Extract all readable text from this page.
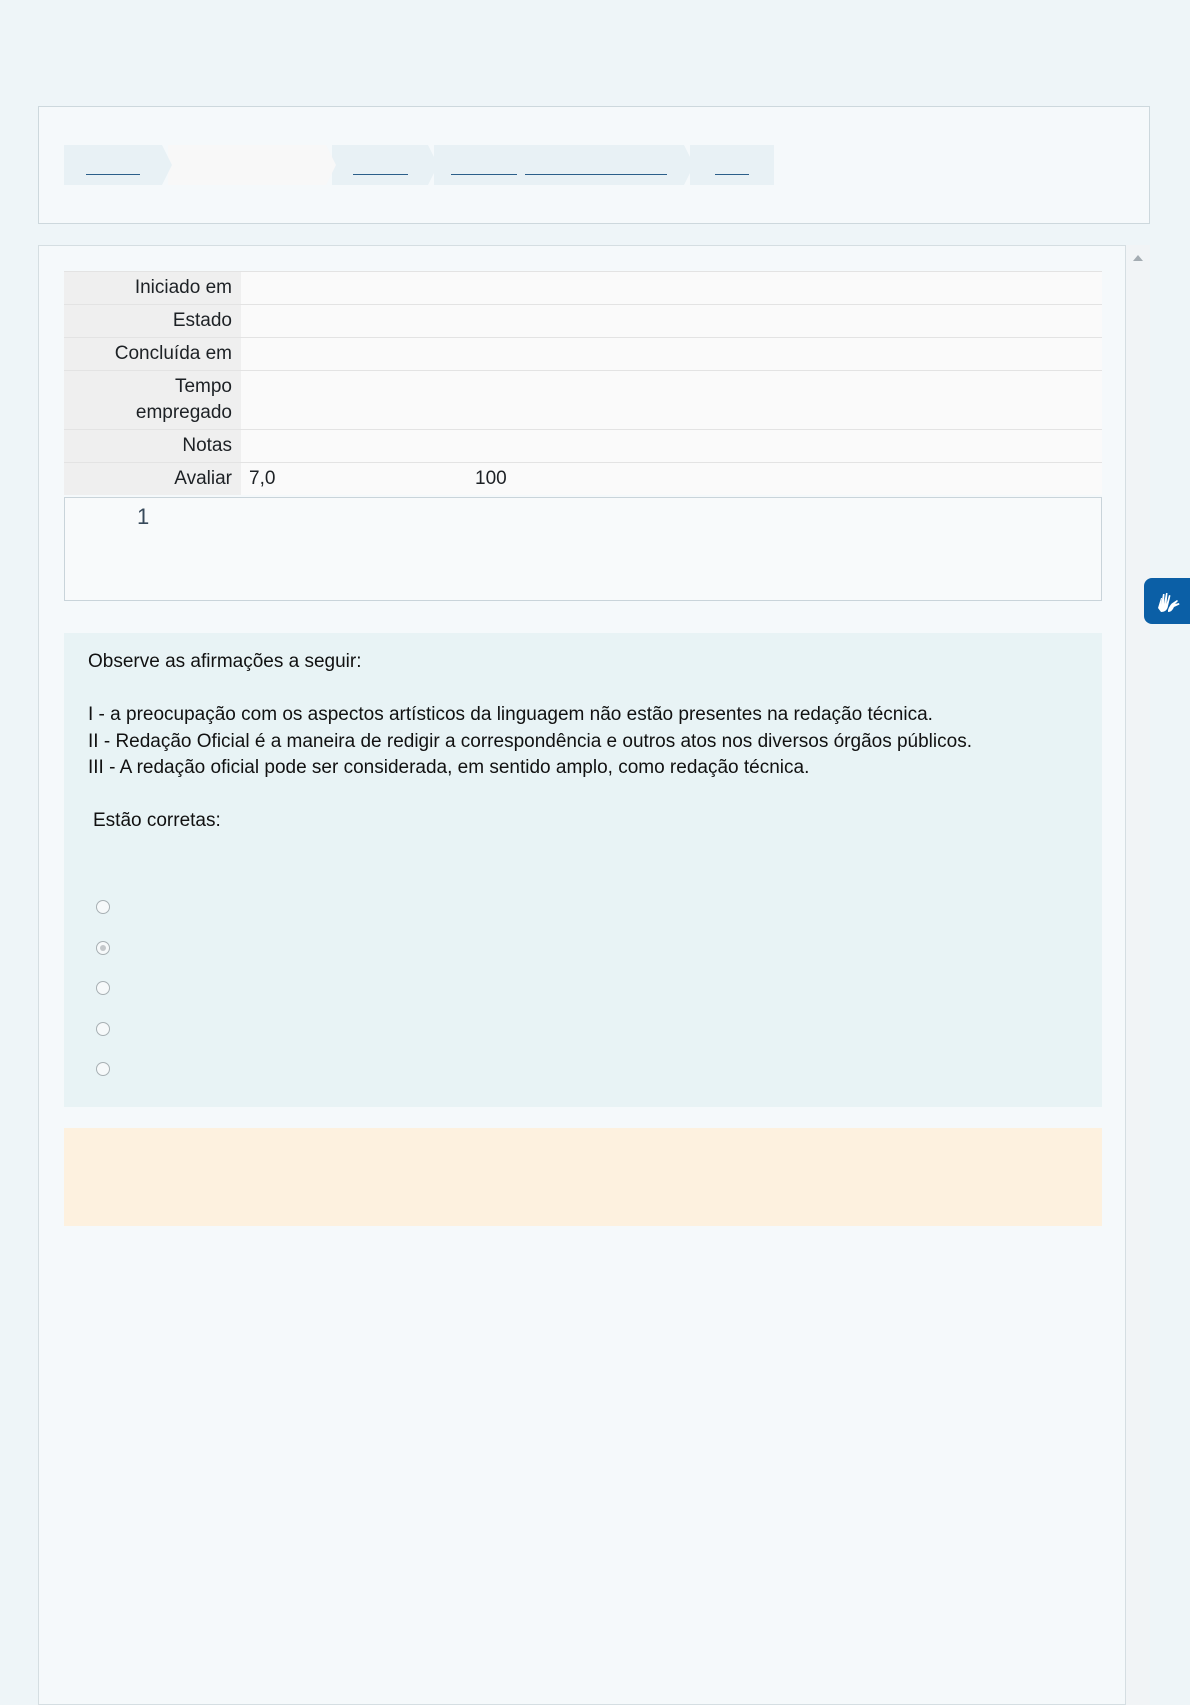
Iniciado em	
Estado	
Concluída em	
Tempo
empregado	
Notas	
Avaliar	7,0 100
1

Observe as afirmações a seguir:

I - a preocupação com os aspectos artísticos da linguagem não estão presentes na redação técnica.

II - Redação Oficial é a maneira de redigir a correspondência e outros atos nos diversos órgãos públicos.

III - A redação oficial pode ser considerada, em sentido amplo, como redação técnica.

Estão corretas:
